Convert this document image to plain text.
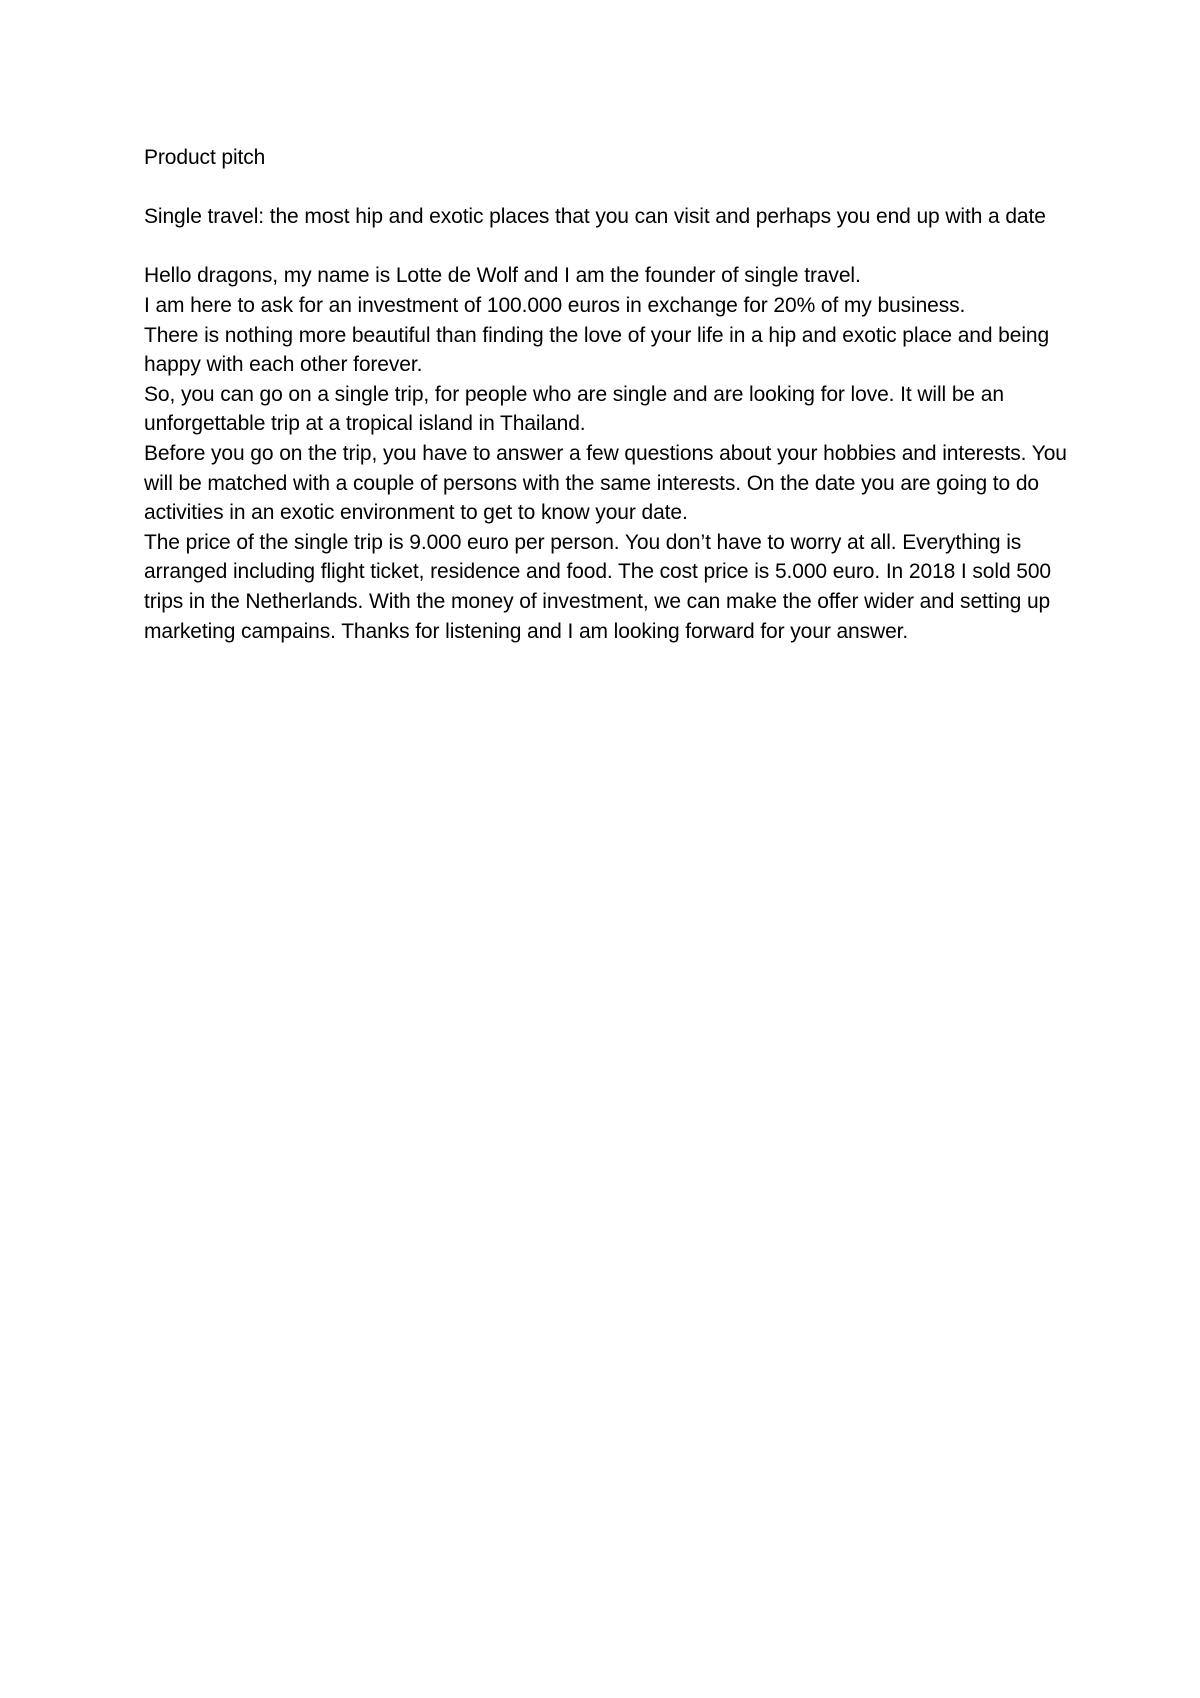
Product pitch

Single travel: the most hip and exotic places that you can visit and perhaps you end up with a date

Hello dragons, my name is Lotte de Wolf and I am the founder of single travel.

I am here to ask for an investment of 100.000 euros in exchange for 20% of my business.

There is nothing more beautiful than finding the love of your life in a hip and exotic place and being happy with each other forever.

So, you can go on a single trip, for people who are single and are looking for love. It will be an unforgettable trip at a tropical island in Thailand.

Before you go on the trip, you have to answer a few questions about your hobbies and interests. You will be matched with a couple of persons with the same interests. On the date you are going to do activities in an exotic environment to get to know your date.

The price of the single trip is 9.000 euro per person. You don’t have to worry at all. Everything is arranged including flight ticket, residence and food. The cost price is 5.000 euro. In 2018 I sold 500 trips in the Netherlands. With the money of investment, we can make the offer wider and setting up marketing campains. Thanks for listening and I am looking forward for your answer.
